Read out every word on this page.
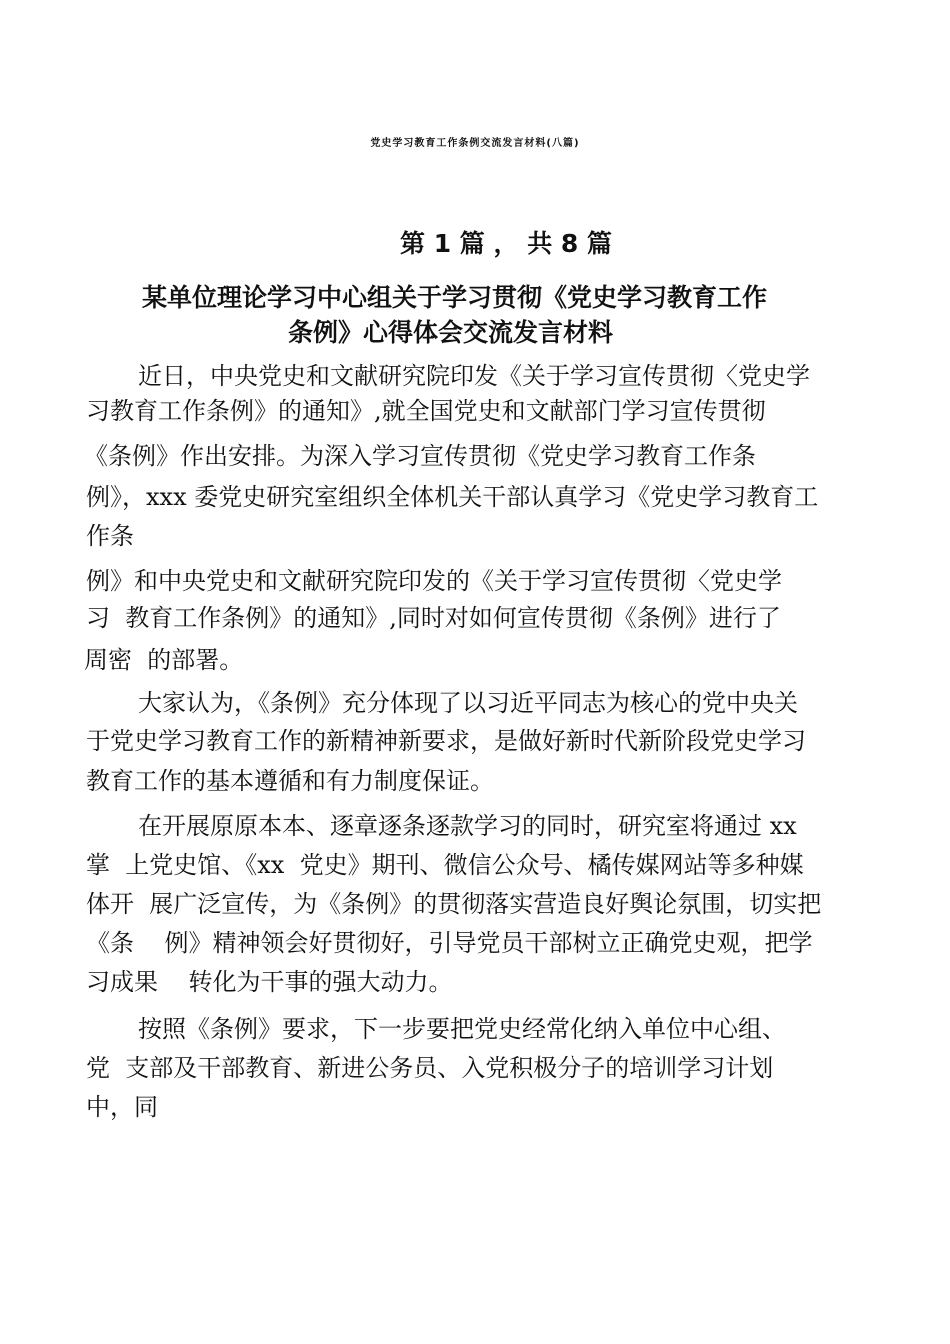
党史学习教育工作条例交流发言材料(八篇)
第 1 篇 ， 共 8 篇
某单位理论学习中心组关于学习贯彻《党史学习教育工作
条例》心得体会交流发言材料
近日，中央党史和文献研究院印发《关于学习宣传贯彻〈党史学
习教育工作条例》的通知》,就全国党史和文献部门学习宣传贯彻
《条例》作出安排。为深入学习宣传贯彻《党史学习教育工作条
例》，xxx 委党史研究室组织全体机关干部认真学习《党史学习教育工
作条
例》和中央党史和文献研究院印发的《关于学习宣传贯彻〈党史学
习  教育工作条例》的通知》,同时对如何宣传贯彻《条例》进行了
周密  的部署。
大家认为，《条例》充分体现了以习近平同志为核心的党中央关
于党史学习教育工作的新精神新要求，是做好新时代新阶段党史学习
教育工作的基本遵循和有力制度保证。
在开展原原本本、逐章逐条逐款学习的同时，研究室将通过 xx
掌  上党史馆、《xx  党史》期刊、微信公众号、橘传媒网站等多种媒
体开  展广泛宣传，为《条例》的贯彻落实营造良好舆论氛围，切实把
《条    例》精神领会好贯彻好，引导党员干部树立正确党史观，把学
习成果    转化为干事的强大动力。
按照《条例》要求，下一步要把党史经常化纳入单位中心组、
党  支部及干部教育、新进公务员、入党积极分子的培训学习计划
中，同
